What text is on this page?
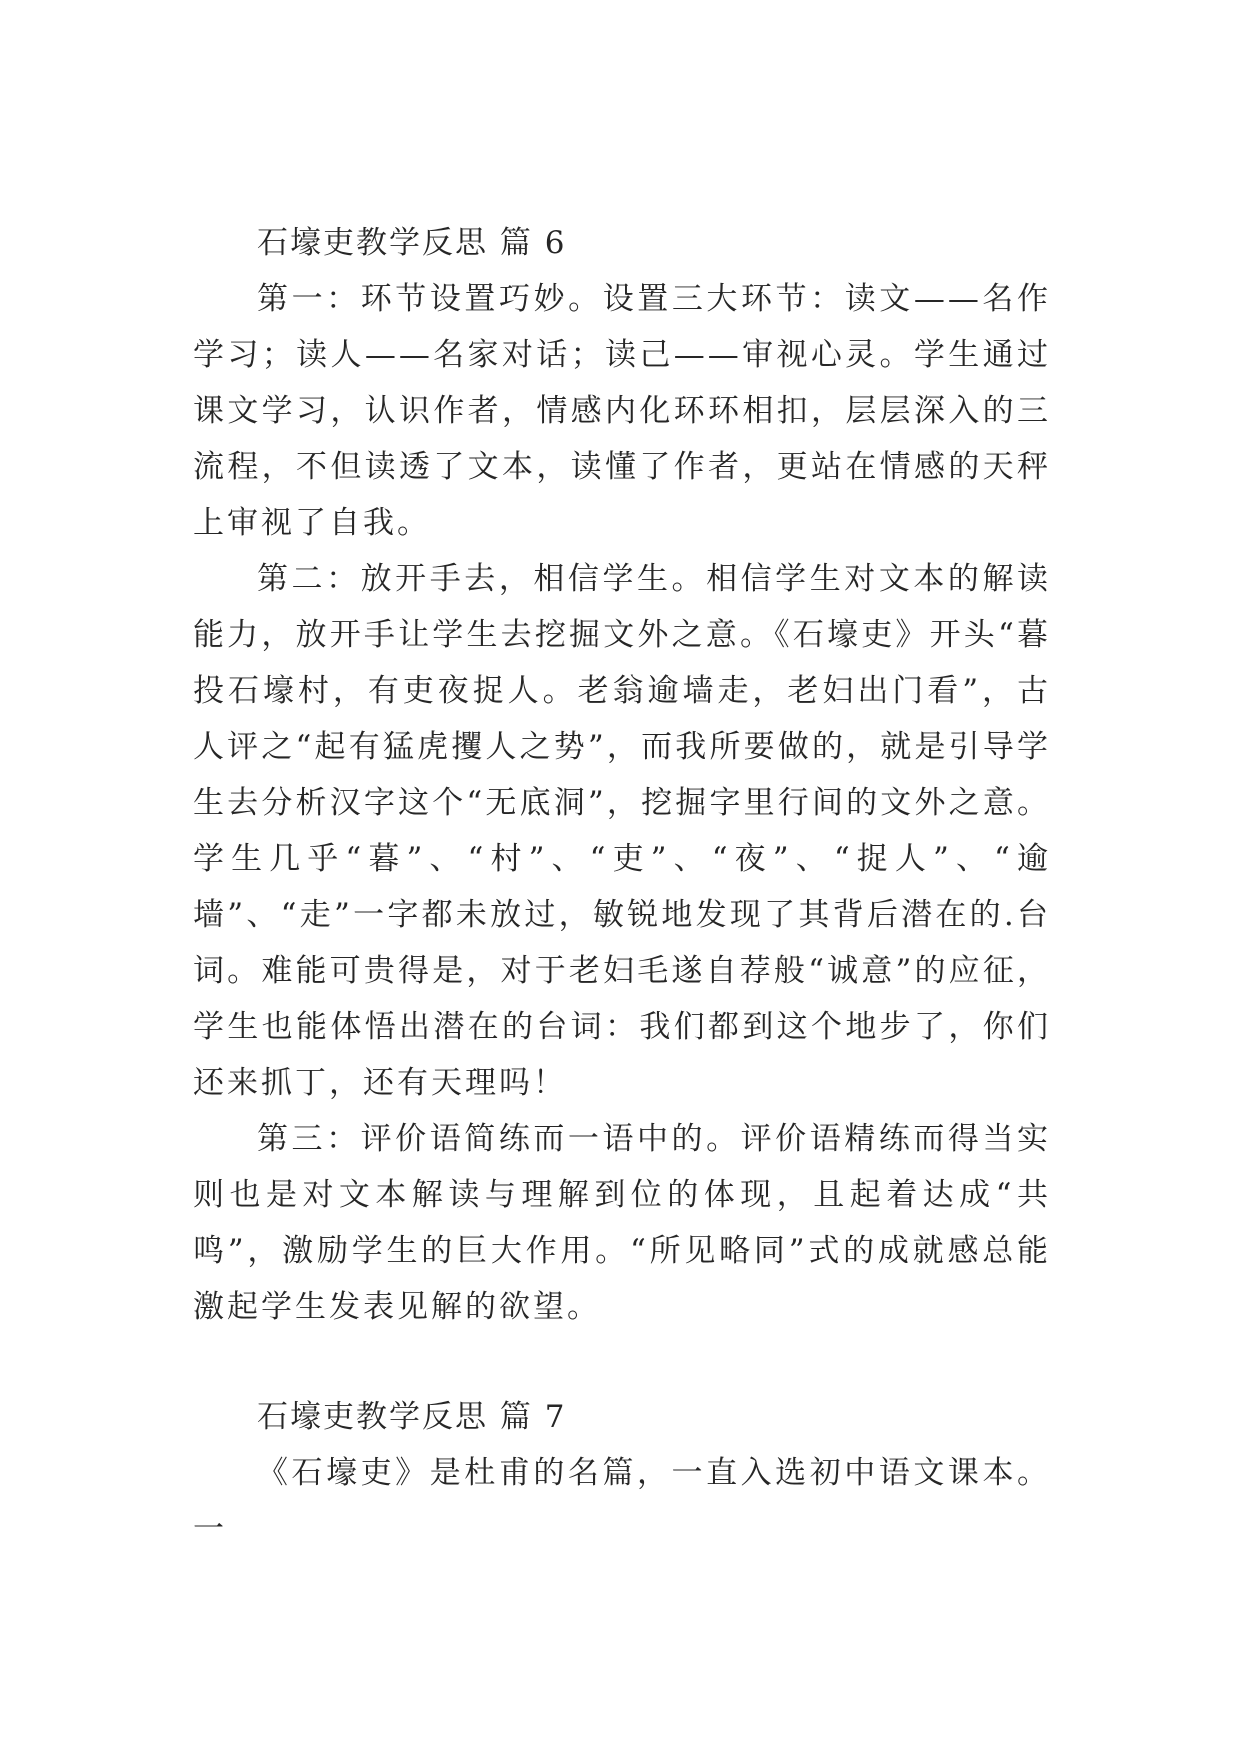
石壕吏教学反思 篇 6

第一：环节设置巧妙。设置三大环节：读文——名作学习；读人——名家对话；读己——审视心灵。学生通过课文学习，认识作者，情感内化环环相扣，层层深入的三流程，不但读透了文本，读懂了作者，更站在情感的天秤上审视了自我。

第二：放开手去，相信学生。相信学生对文本的解读能力，放开手让学生去挖掘文外之意。《石壕吏》开头“暮投石壕村，有吏夜捉人。老翁逾墙走，老妇出门看”，古人评之“起有猛虎攫人之势”，而我所要做的，就是引导学生去分析汉字这个“无底洞”，挖掘字里行间的文外之意。学生几乎“暮”、“村”、“吏”、“夜”、“捉人”、“逾墙”、“走”一字都未放过，敏锐地发现了其背后潜在的.台词。难能可贵得是，对于老妇毛遂自荐般“诚意”的应征，学生也能体悟出潜在的台词：我们都到这个地步了，你们还来抓丁，还有天理吗！

第三：评价语简练而一语中的。评价语精练而得当实则也是对文本解读与理解到位的体现，且起着达成“共鸣”，激励学生的巨大作用。“所见略同”式的成就感总能激起学生发表见解的欲望。

石壕吏教学反思 篇 7

《石壕吏》是杜甫的名篇，一直入选初中语文课本。一
